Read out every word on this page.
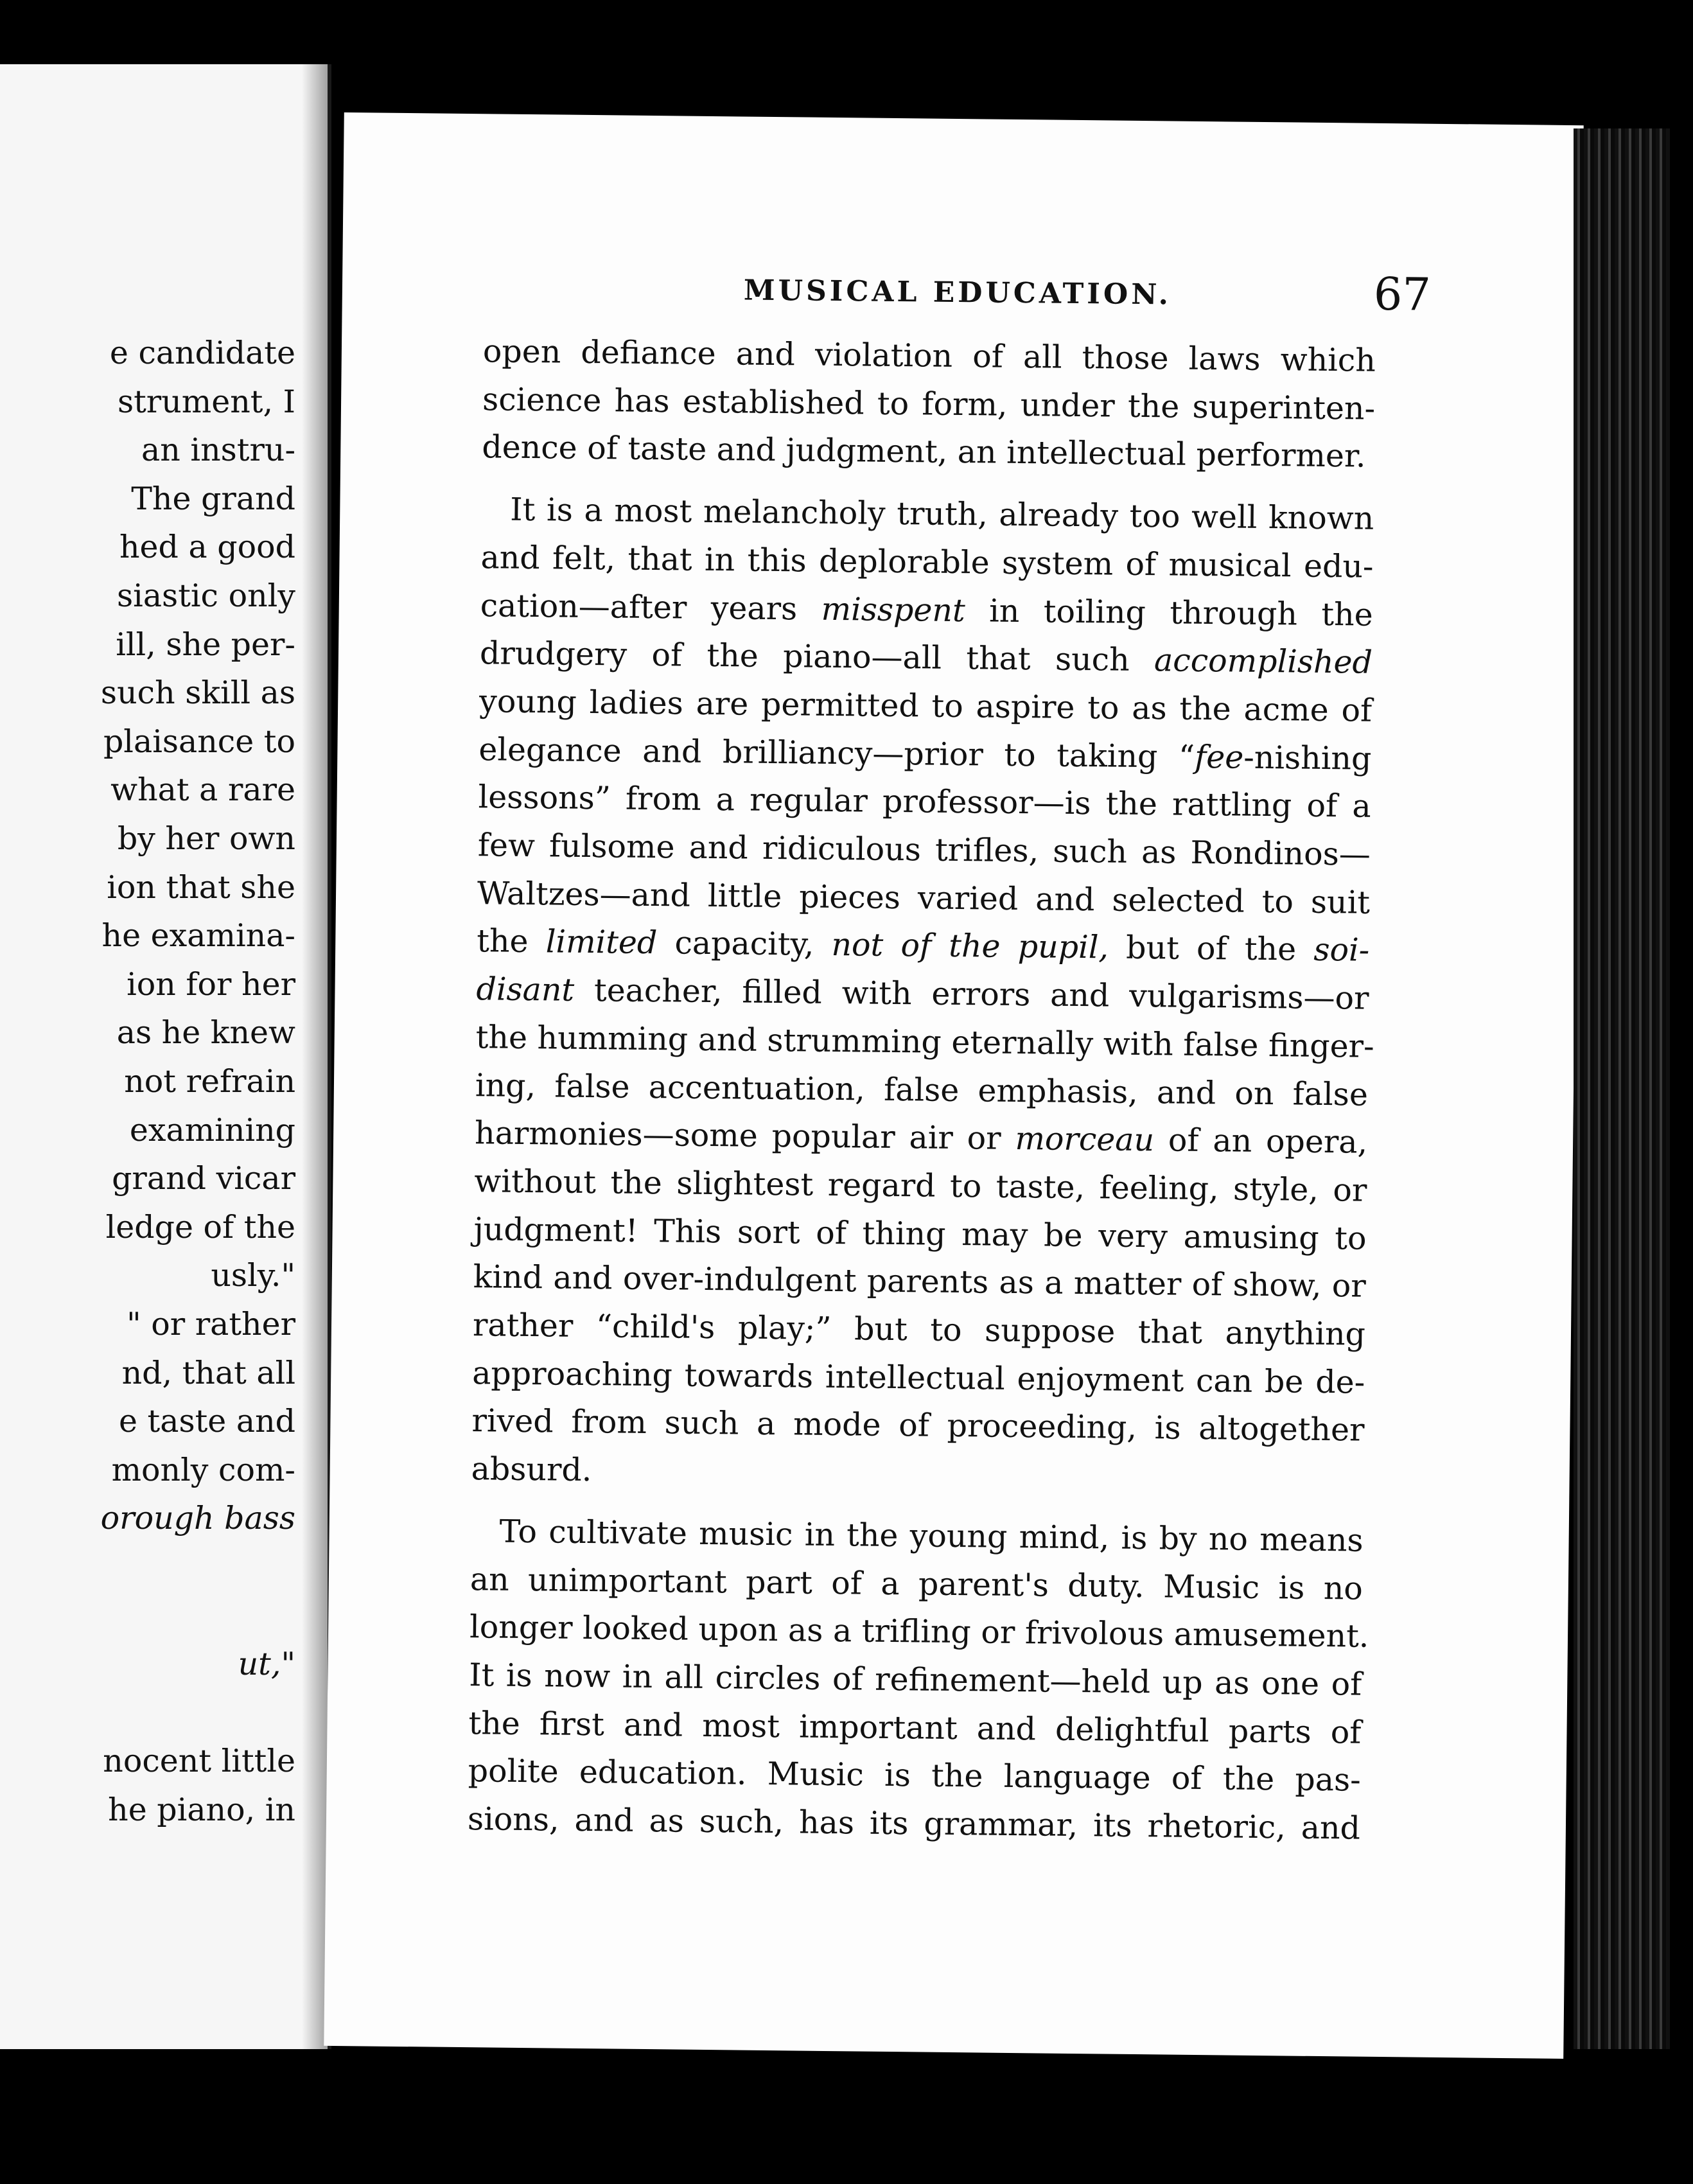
e candidate
strument, I
an instru-
The grand
hed a good
siastic only
ill, she per-
such skill as
plaisance to
what a rare
by her own
ion that she
he examina-
ion for her
as he knew
not refrain
examining
grand vicar
ledge of the
usly."
" or rather
nd, that all
e taste and
monly com-
orough bass
ut,"
nocent little
he piano, in
MUSICAL EDUCATION.	67
open defiance and violation of all those laws which
science has established to form, under the superinten-
dence of taste and judgment, an intellectual performer.
It is a most melancholy truth, already too well known
and felt, that in this deplorable system of musical edu-
cation—after years misspent in toiling through the
drudgery of the piano—all that such accomplished
young ladies are permitted to aspire to as the acme of
elegance and brilliancy—prior to taking “fee-nishing
lessons” from a regular professor—is the rattling of a
few fulsome and ridiculous trifles, such as Rondinos—
Waltzes—and little pieces varied and selected to suit
the limited capacity, not of the pupil, but of the soi-
disant teacher, filled with errors and vulgarisms—or
the humming and strumming eternally with false finger-
ing, false accentuation, false emphasis, and on false
harmonies—some popular air or morceau of an opera,
without the slightest regard to taste, feeling, style, or
judgment! This sort of thing may be very amusing to
kind and over-indulgent parents as a matter of show, or
rather “child's play;” but to suppose that anything
approaching towards intellectual enjoyment can be de-
rived from such a mode of proceeding, is altogether
absurd.
To cultivate music in the young mind, is by no means
an unimportant part of a parent's duty. Music is no
longer looked upon as a trifling or frivolous amusement.
It is now in all circles of refinement—held up as one of
the first and most important and delightful parts of
polite education. Music is the language of the pas-
sions, and as such, has its grammar, its rhetoric, and
